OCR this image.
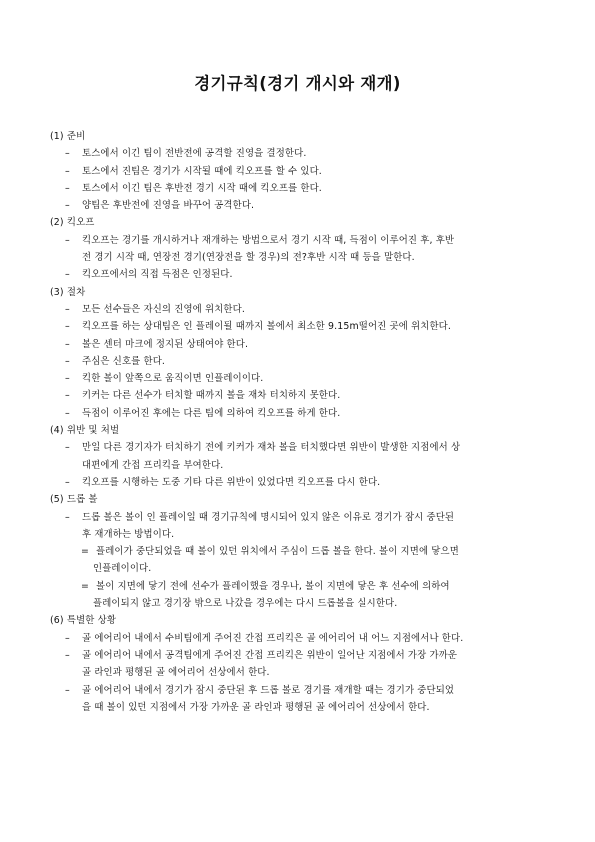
경기규칙(경기 개시와 재개)
(1) 준비
– 토스에서 이긴 팀이 전반전에 공격할 진영을 결정한다.
– 토스에서 진팀은 경기가 시작될 때에 킥오프를 할 수 있다.
– 토스에서 이긴 팀은 후반전 경기 시작 때에 킥오프를 한다.
– 양팀은 후반전에 진영을 바꾸어 공격한다.
(2) 킥오프
– 킥오프는 경기를 개시하거나 재개하는 방법으로서 경기 시작 때, 득점이 이루어진 후, 후반
전 경기 시작 때, 연장전 경기(연장전을 할 경우)의 전?후반 시작 때 등을 말한다.
– 킥오프에서의 직접 득점은 인정된다.
(3) 절차
– 모든 선수들은 자신의 진영에 위치한다.
– 킥오프를 하는 상대팀은 인 플레이될 때까지 볼에서 최소한 9.15m떨어진 곳에 위치한다.
– 볼은 센터 마크에 정지된 상태여야 한다.
– 주심은 신호를 한다.
– 킥한 볼이 앞쪽으로 움직이면 인플레이이다.
– 키커는 다른 선수가 터치할 때까지 볼을 재차 터치하지 못한다.
– 득점이 이루어진 후에는 다른 팀에 의하여 킥오프를 하게 한다.
(4) 위반 및 처벌
– 만일 다른 경기자가 터치하기 전에 키커가 재차 볼을 터치했다면 위반이 발생한 지점에서 상
대편에게 간접 프리킥을 부여한다.
– 킥오프를 시행하는 도중 기타 다른 위반이 있었다면 킥오프를 다시 한다.
(5) 드롭 볼
– 드롭 볼은 볼이 인 플레이일 때 경기규칙에 명시되어 있지 않은 이유로 경기가 잠시 중단된
후 재개하는 방법이다.
= 플레이가 중단되었을 때 볼이 있던 위치에서 주심이 드롭 볼을 한다. 볼이 지면에 닿으면
인플레이이다.
= 볼이 지면에 닿기 전에 선수가 플레이했을 경우나, 볼이 지면에 닿은 후 선수에 의하여
플레이되지 않고 경기장 밖으로 나갔을 경우에는 다시 드롭볼을 실시한다.
(6) 특별한 상황
– 골 에어리어 내에서 수비팀에게 주어진 간접 프리킥은 골 에어리어 내 어느 지점에서나 한다.
– 골 에어리어 내에서 공격팀에게 주어진 간접 프리킥은 위반이 일어난 지점에서 가장 가까운
골 라인과 평행된 골 에어리어 선상에서 한다.
– 골 에어리어 내에서 경기가 잠시 중단된 후 드롭 볼로 경기를 재개할 때는 경기가 중단되었
을 때 볼이 있던 지점에서 가장 가까운 골 라인과 평행된 골 에어리어 선상에서 한다.
